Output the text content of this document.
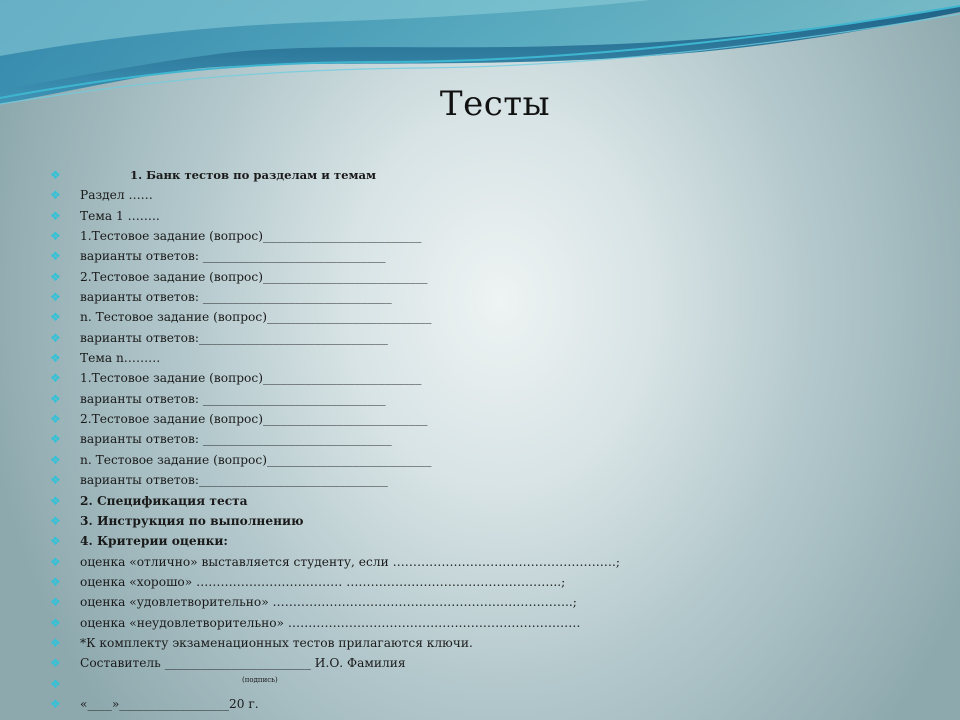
Тесты
❖	1. Банк тестов по разделам и темам
❖ Раздел ……
❖ Тема 1 ……..
❖ 1.Тестовое задание (вопрос)__________________________
❖ варианты ответов: ______________________________
❖ 2.Тестовое задание (вопрос)___________________________
❖ варианты ответов: _______________________________
❖ n. Тестовое задание (вопрос)___________________________
❖ варианты ответов:_______________________________
❖ Тема n………
❖ 1.Тестовое задание (вопрос)__________________________
❖ варианты ответов: ______________________________
❖ 2.Тестовое задание (вопрос)___________________________
❖ варианты ответов: _______________________________
❖ n. Тестовое задание (вопрос)___________________________
❖ варианты ответов:_______________________________
❖ 2. Спецификация теста
❖ 3. Инструкция по выполнению
❖ 4. Критерии оценки:
❖ оценка «отлично» выставляется студенту, если ……………………………………………….;
❖ оценка «хорошо» ……………………………… ……………………………………………..;
❖ оценка «удовлетворительно» ………………………………………………………………..;
❖ оценка «неудовлетворительно» ………………………………………………………………
❖ *К комплекту экзаменационных тестов прилагаются ключи.
❖ Составитель ________________________ И.О. Фамилия
❖	(подпись)
❖ «____»__________________20 г.
